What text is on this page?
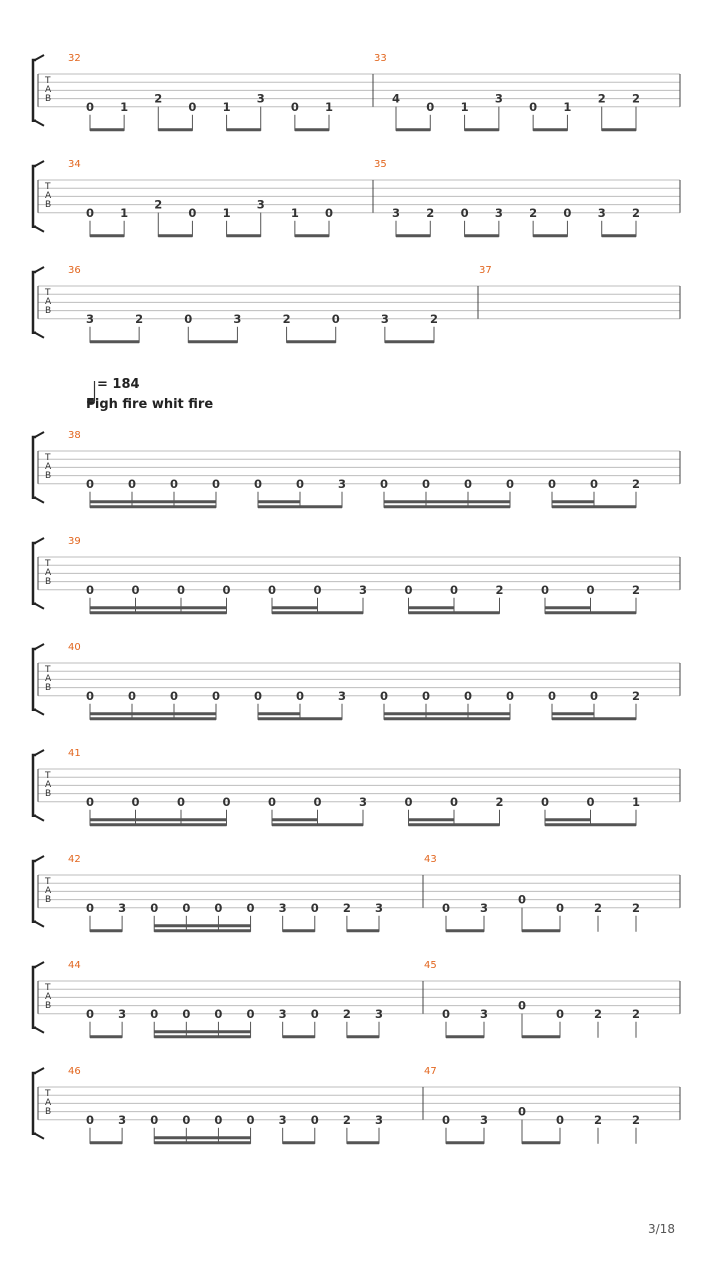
T
A
B
32
0 1
2
0 1
3
0 1
33
4
0 1
3
0 1
2 2
T
A
B
34
0 1
2
0 1
3
1 0
35
3 2 0 3 2 0 3 2
T
A
B
36
3	2	0	3	2	0	3	2
37
T
A
B
38
0	0	0	0	0	0	3	0	0	0	0	0	0	2
T
A
B
39
0	0	0	0	0	0	3	0	0	2	0	0	2
T
A
B
40
0	0	0	0	0	0	3	0	0	0	0	0	0	2
T
A
B
41
0	0	0	0	0	0	3	0	0	2	0	0	1
T
A
B
42
0 3 0 0 0 0 3 0 2 3
43
0	3
0
0	2	2
T
A
B
44
0 3 0 0 0 0 3 0 2 3
45
0	3
0
0	2	2
T
A
B
46
0 3 0 0 0 0 3 0 2 3
47
0	3
0
0	2	2
= 184
Figh fire whit fire
3/18
